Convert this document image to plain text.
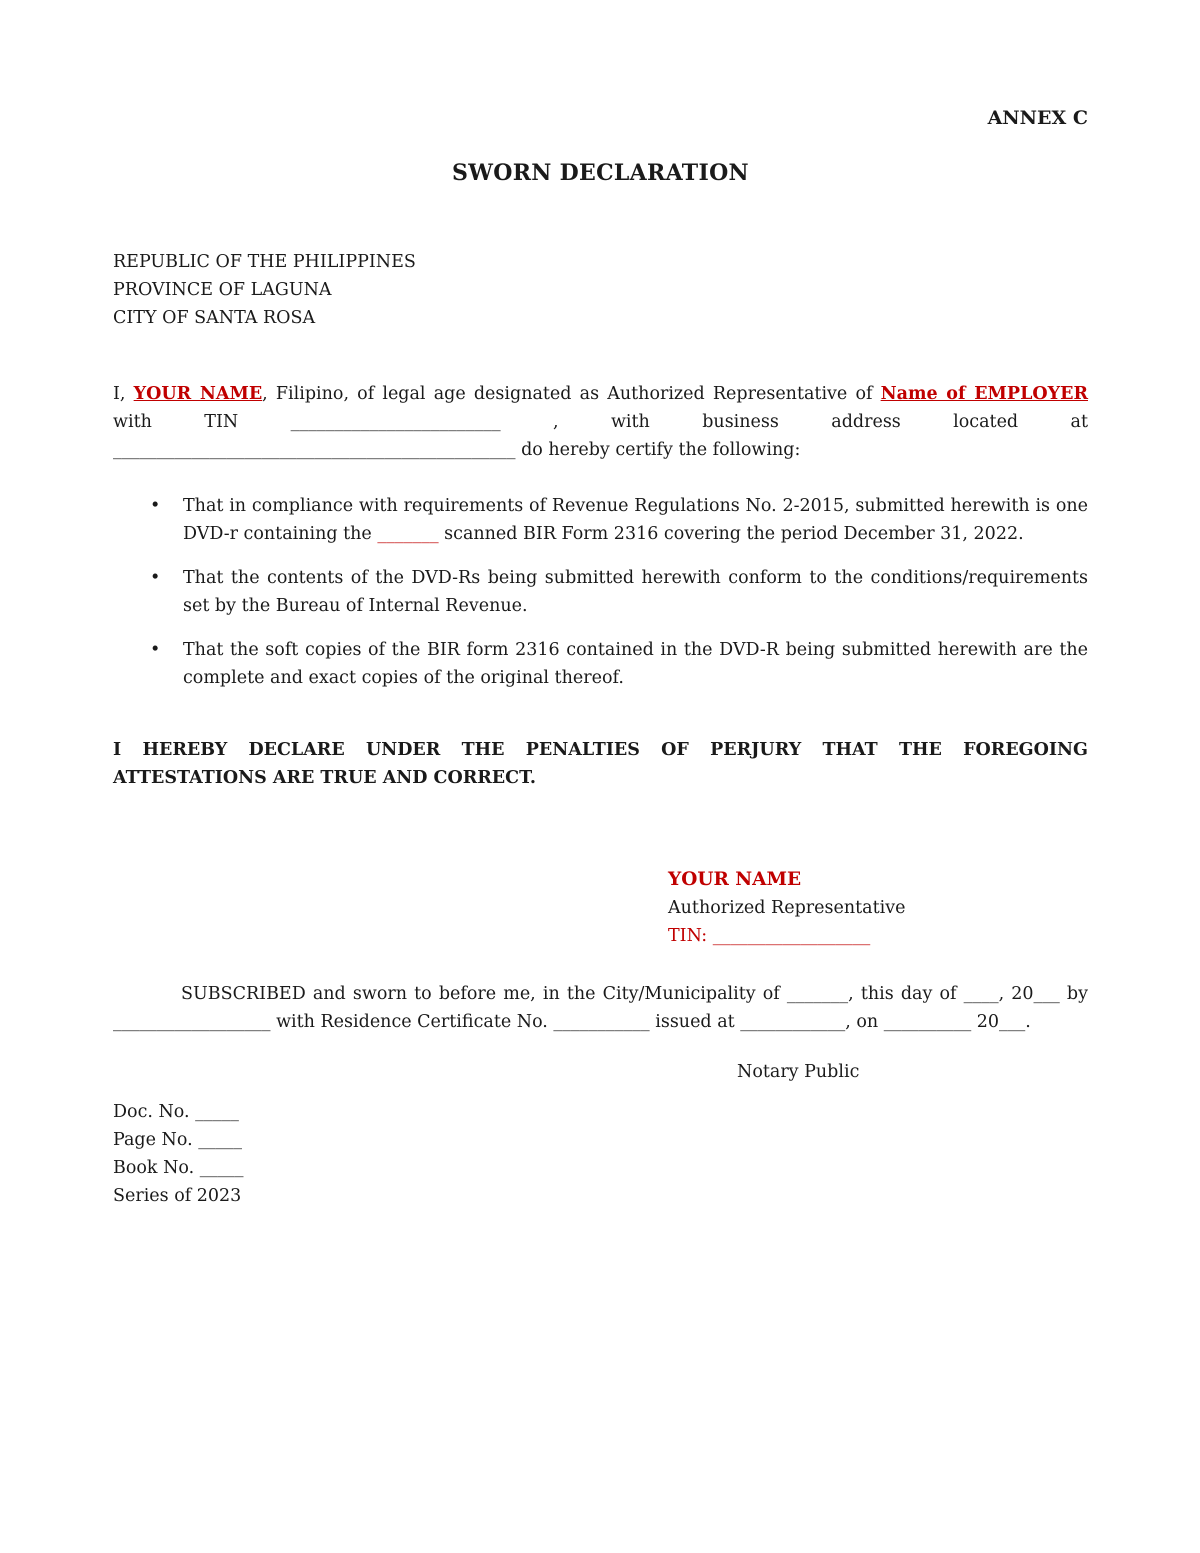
ANNEX C
SWORN DECLARATION
REPUBLIC OF THE PHILIPPINES
PROVINCE OF LAGUNA
CITY OF SANTA ROSA

I, YOUR NAME, Filipino, of legal age designated as Authorized Representative of Name of EMPLOYER with TIN ________________________ , with business address located at ______________________________________________ do hereby certify the following:

• That in compliance with requirements of Revenue Regulations No. 2-2015, submitted herewith is one DVD-r containing the _______ scanned BIR Form 2316 covering the period December 31, 2022.
• That the contents of the DVD-Rs being submitted herewith conform to the conditions/requirements set by the Bureau of Internal Revenue.
• That the soft copies of the BIR form 2316 contained in the DVD-R being submitted herewith are the complete and exact copies of the original thereof.

I HEREBY DECLARE UNDER THE PENALTIES OF PERJURY THAT THE FOREGOING ATTESTATIONS ARE TRUE AND CORRECT.

YOUR NAME
Authorized Representative
TIN: __________________

SUBSCRIBED and sworn to before me, in the City/Municipality of _______, this day of ____, 20___ by __________________ with Residence Certificate No. ___________ issued at ____________, on __________ 20___.

Notary Public
Doc. No. _____
Page No. _____
Book No. _____
Series of 2023
